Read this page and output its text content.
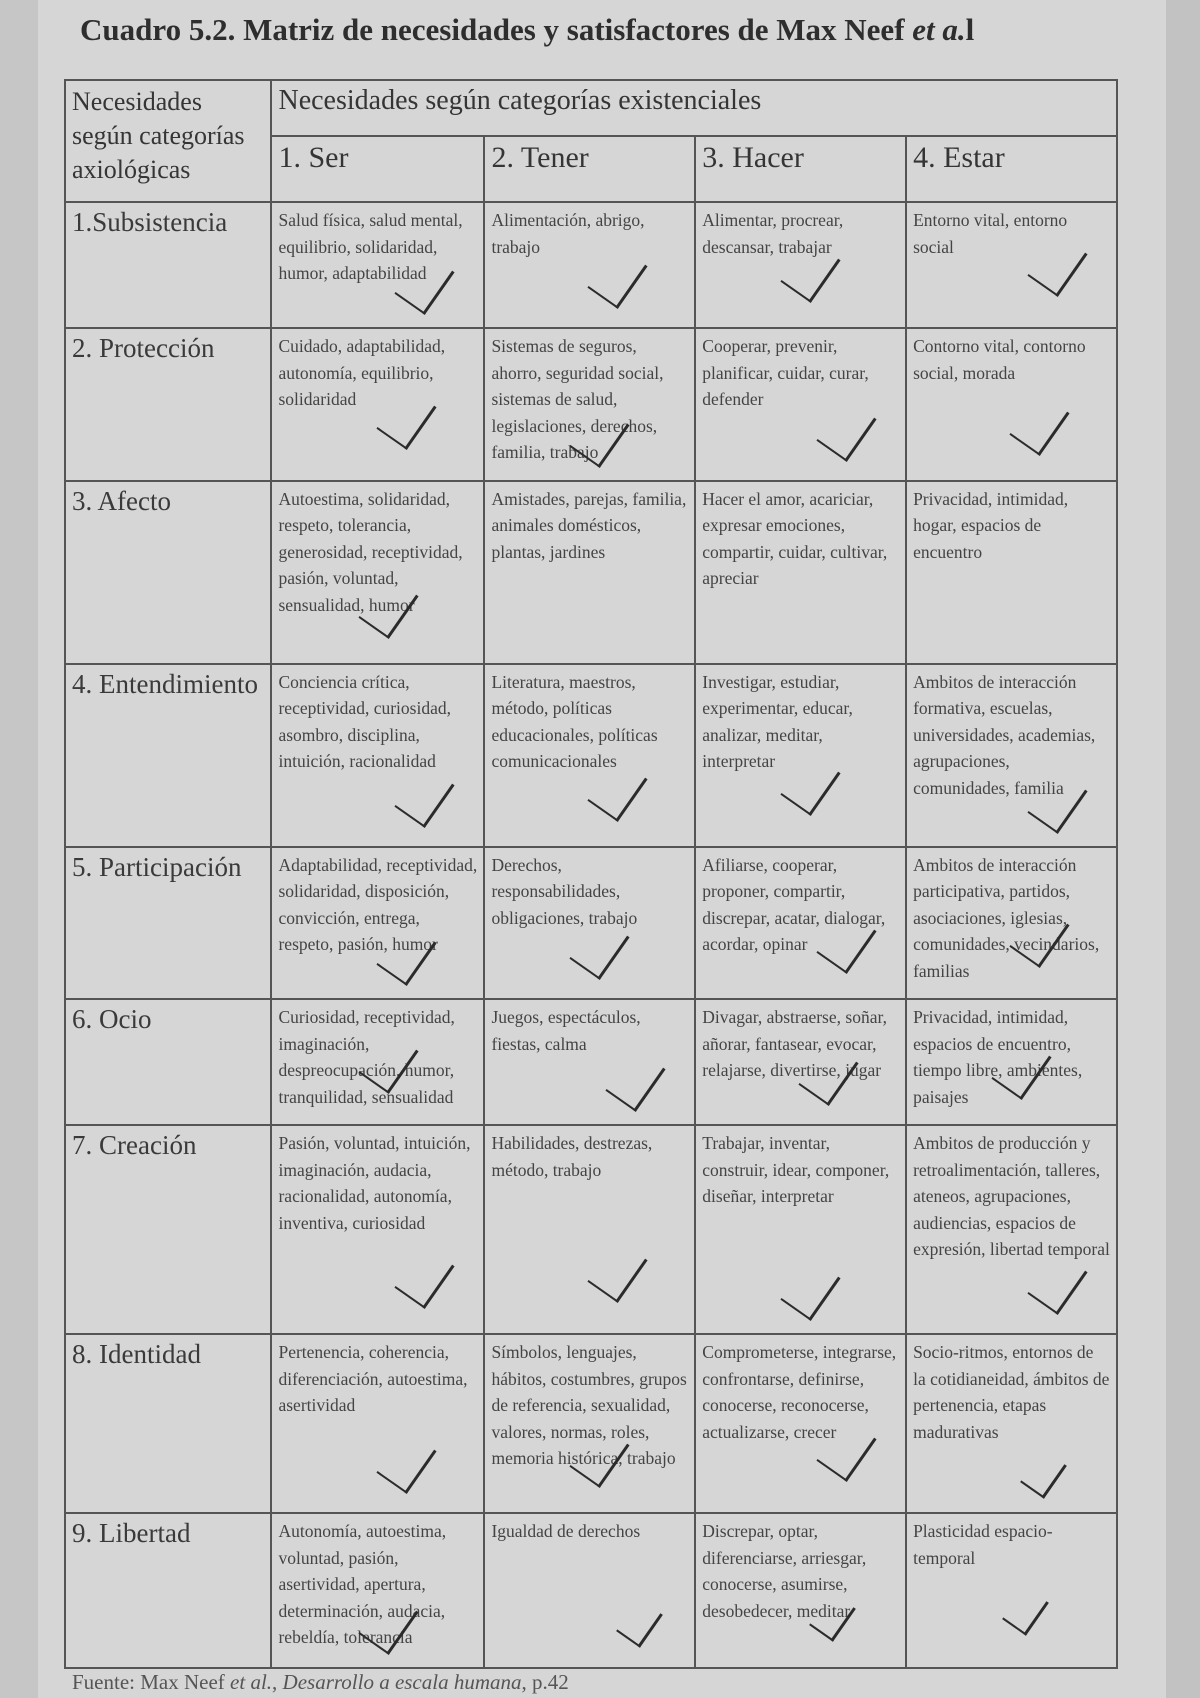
Cuadro 5.2. Matriz de necesidades y satisfactores de Max Neef et a.l
Necesidades según categorías axiológicas	Necesidades según categorías existenciales			
	1. Ser	2. Tener	3. Hacer	4. Estar
1.Subsistencia	Salud física, salud mental, equilibrio, solidaridad, humor, adaptabilidad	Alimentación, abrigo, trabajo	Alimentar, procrear, descansar, trabajar	Entorno vital, entorno social

2. Protección	Cuidado, adaptabilidad, autonomía, equilibrio, solidaridad	Sistemas de seguros, ahorro, seguridad social, sistemas de salud, legislaciones, derechos, familia, trabajo	Cooperar, prevenir, planificar, cuidar, curar, defender	Contorno vital, contorno social, morada

3. Afecto	Autoestima, solidaridad, respeto, tolerancia, generosidad, receptividad, pasión, voluntad, sensualidad, humor	Amistades, parejas, familia, animales domésticos, plantas, jardines	Hacer el amor, acariciar, expresar emociones, compartir, cuidar, cultivar, apreciar	Privacidad, intimidad, hogar, espacios de encuentro
4. Entendimiento	Conciencia crítica, receptividad, curiosidad, asombro, disciplina, intuición, racionalidad	Literatura, maestros, método, políticas educacionales, políticas comunicacionales	Investigar, estudiar, experimentar, educar, analizar, meditar, interpretar	Ambitos de interacción formativa, escuelas, universidades, academias, agrupaciones, comunidades, familia

5. Participación	Adaptabilidad, receptividad, solidaridad, disposición, convicción, entrega, respeto, pasión, humor	Derechos, responsabilidades, obligaciones, trabajo	Afiliarse, cooperar, proponer, compartir, discrepar, acatar, dialogar, acordar, opinar	Ambitos de interacción participativa, partidos, asociaciones, iglesias, comunidades, vecindarios, familias

6. Ocio	Curiosidad, receptividad, imaginación, despreocupación, humor, tranquilidad, sensualidad	Juegos, espectáculos, fiestas, calma	Divagar, abstraerse, soñar, añorar, fantasear, evocar, relajarse, divertirse, jugar	Privacidad, intimidad, espacios de encuentro, tiempo libre, ambientes, paisajes

7. Creación	Pasión, voluntad, intuición, imaginación, audacia, racionalidad, autonomía, inventiva, curiosidad	Habilidades, destrezas, método, trabajo	Trabajar, inventar, construir, idear, componer, diseñar, interpretar	Ambitos de producción y retroalimentación, talleres, ateneos, agrupaciones, audiencias, espacios de expresión, libertad temporal

8. Identidad	Pertenencia, coherencia, diferenciación, autoestima, asertividad	Símbolos, lenguajes, hábitos, costumbres, grupos de referencia, sexualidad, valores, normas, roles, memoria histórica, trabajo	Comprometerse, integrarse, confrontarse, definirse, conocerse, reconocerse, actualizarse, crecer	Socio-ritmos, entornos de la cotidianeidad, ámbitos de pertenencia, etapas madurativas

9. Libertad	Autonomía, autoestima, voluntad, pasión, asertividad, apertura, determinación, audacia, rebeldía, tolerancia	Igualdad de derechos	Discrepar, optar, diferenciarse, arriesgar, conocerse, asumirse, desobedecer, meditar	Plasticidad espacio-temporal
Fuente: Max Neef et al., Desarrollo a escala humana, p.42
